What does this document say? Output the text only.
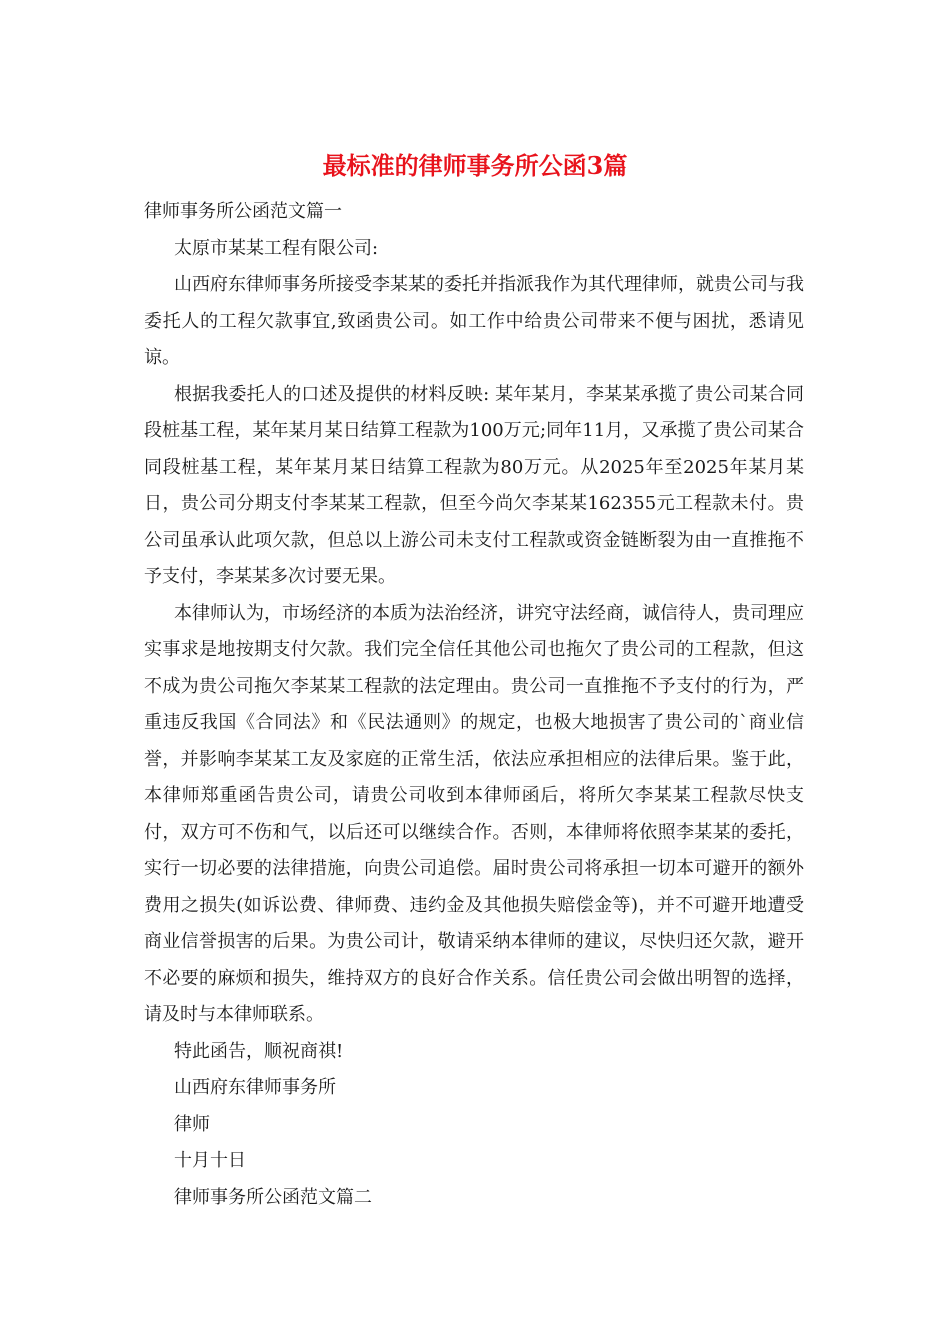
最标准的律师事务所公函3篇

律师事务所公函范文篇一

太原市某某工程有限公司:

山西府东律师事务所接受李某某的委托并指派我作为其代理律师，就贵公司与我委托人的工程欠款事宜,致函贵公司。如工作中给贵公司带来不便与困扰，悉请见谅。

根据我委托人的口述及提供的材料反映: 某年某月，李某某承揽了贵公司某合同段桩基工程，某年某月某日结算工程款为100万元;同年11月，又承揽了贵公司某合同段桩基工程，某年某月某日结算工程款为80万元。从2025年至2025年某月某日，贵公司分期支付李某某工程款，但至今尚欠李某某162355元工程款未付。贵公司虽承认此项欠款，但总以上游公司未支付工程款或资金链断裂为由一直推拖不予支付，李某某多次讨要无果。

本律师认为，市场经济的本质为法治经济，讲究守法经商，诚信待人，贵司理应实事求是地按期支付欠款。我们完全信任其他公司也拖欠了贵公司的工程款，但这不成为贵公司拖欠李某某工程款的法定理由。贵公司一直推拖不予支付的行为，严重违反我国《合同法》和《民法通则》的规定，也极大地损害了贵公司的`商业信誉，并影响李某某工友及家庭的正常生活，依法应承担相应的法律后果。鉴于此，本律师郑重函告贵公司，请贵公司收到本律师函后，将所欠李某某工程款尽快支付，双方可不伤和气，以后还可以继续合作。否则，本律师将依照李某某的委托，实行一切必要的法律措施，向贵公司追偿。届时贵公司将承担一切本可避开的额外费用之损失(如诉讼费、律师费、违约金及其他损失赔偿金等)，并不可避开地遭受商业信誉损害的后果。为贵公司计，敬请采纳本律师的建议，尽快归还欠款，避开不必要的麻烦和损失，维持双方的良好合作关系。信任贵公司会做出明智的选择，请及时与本律师联系。

特此函告，顺祝商祺!

山西府东律师事务所

律师

十月十日

律师事务所公函范文篇二
